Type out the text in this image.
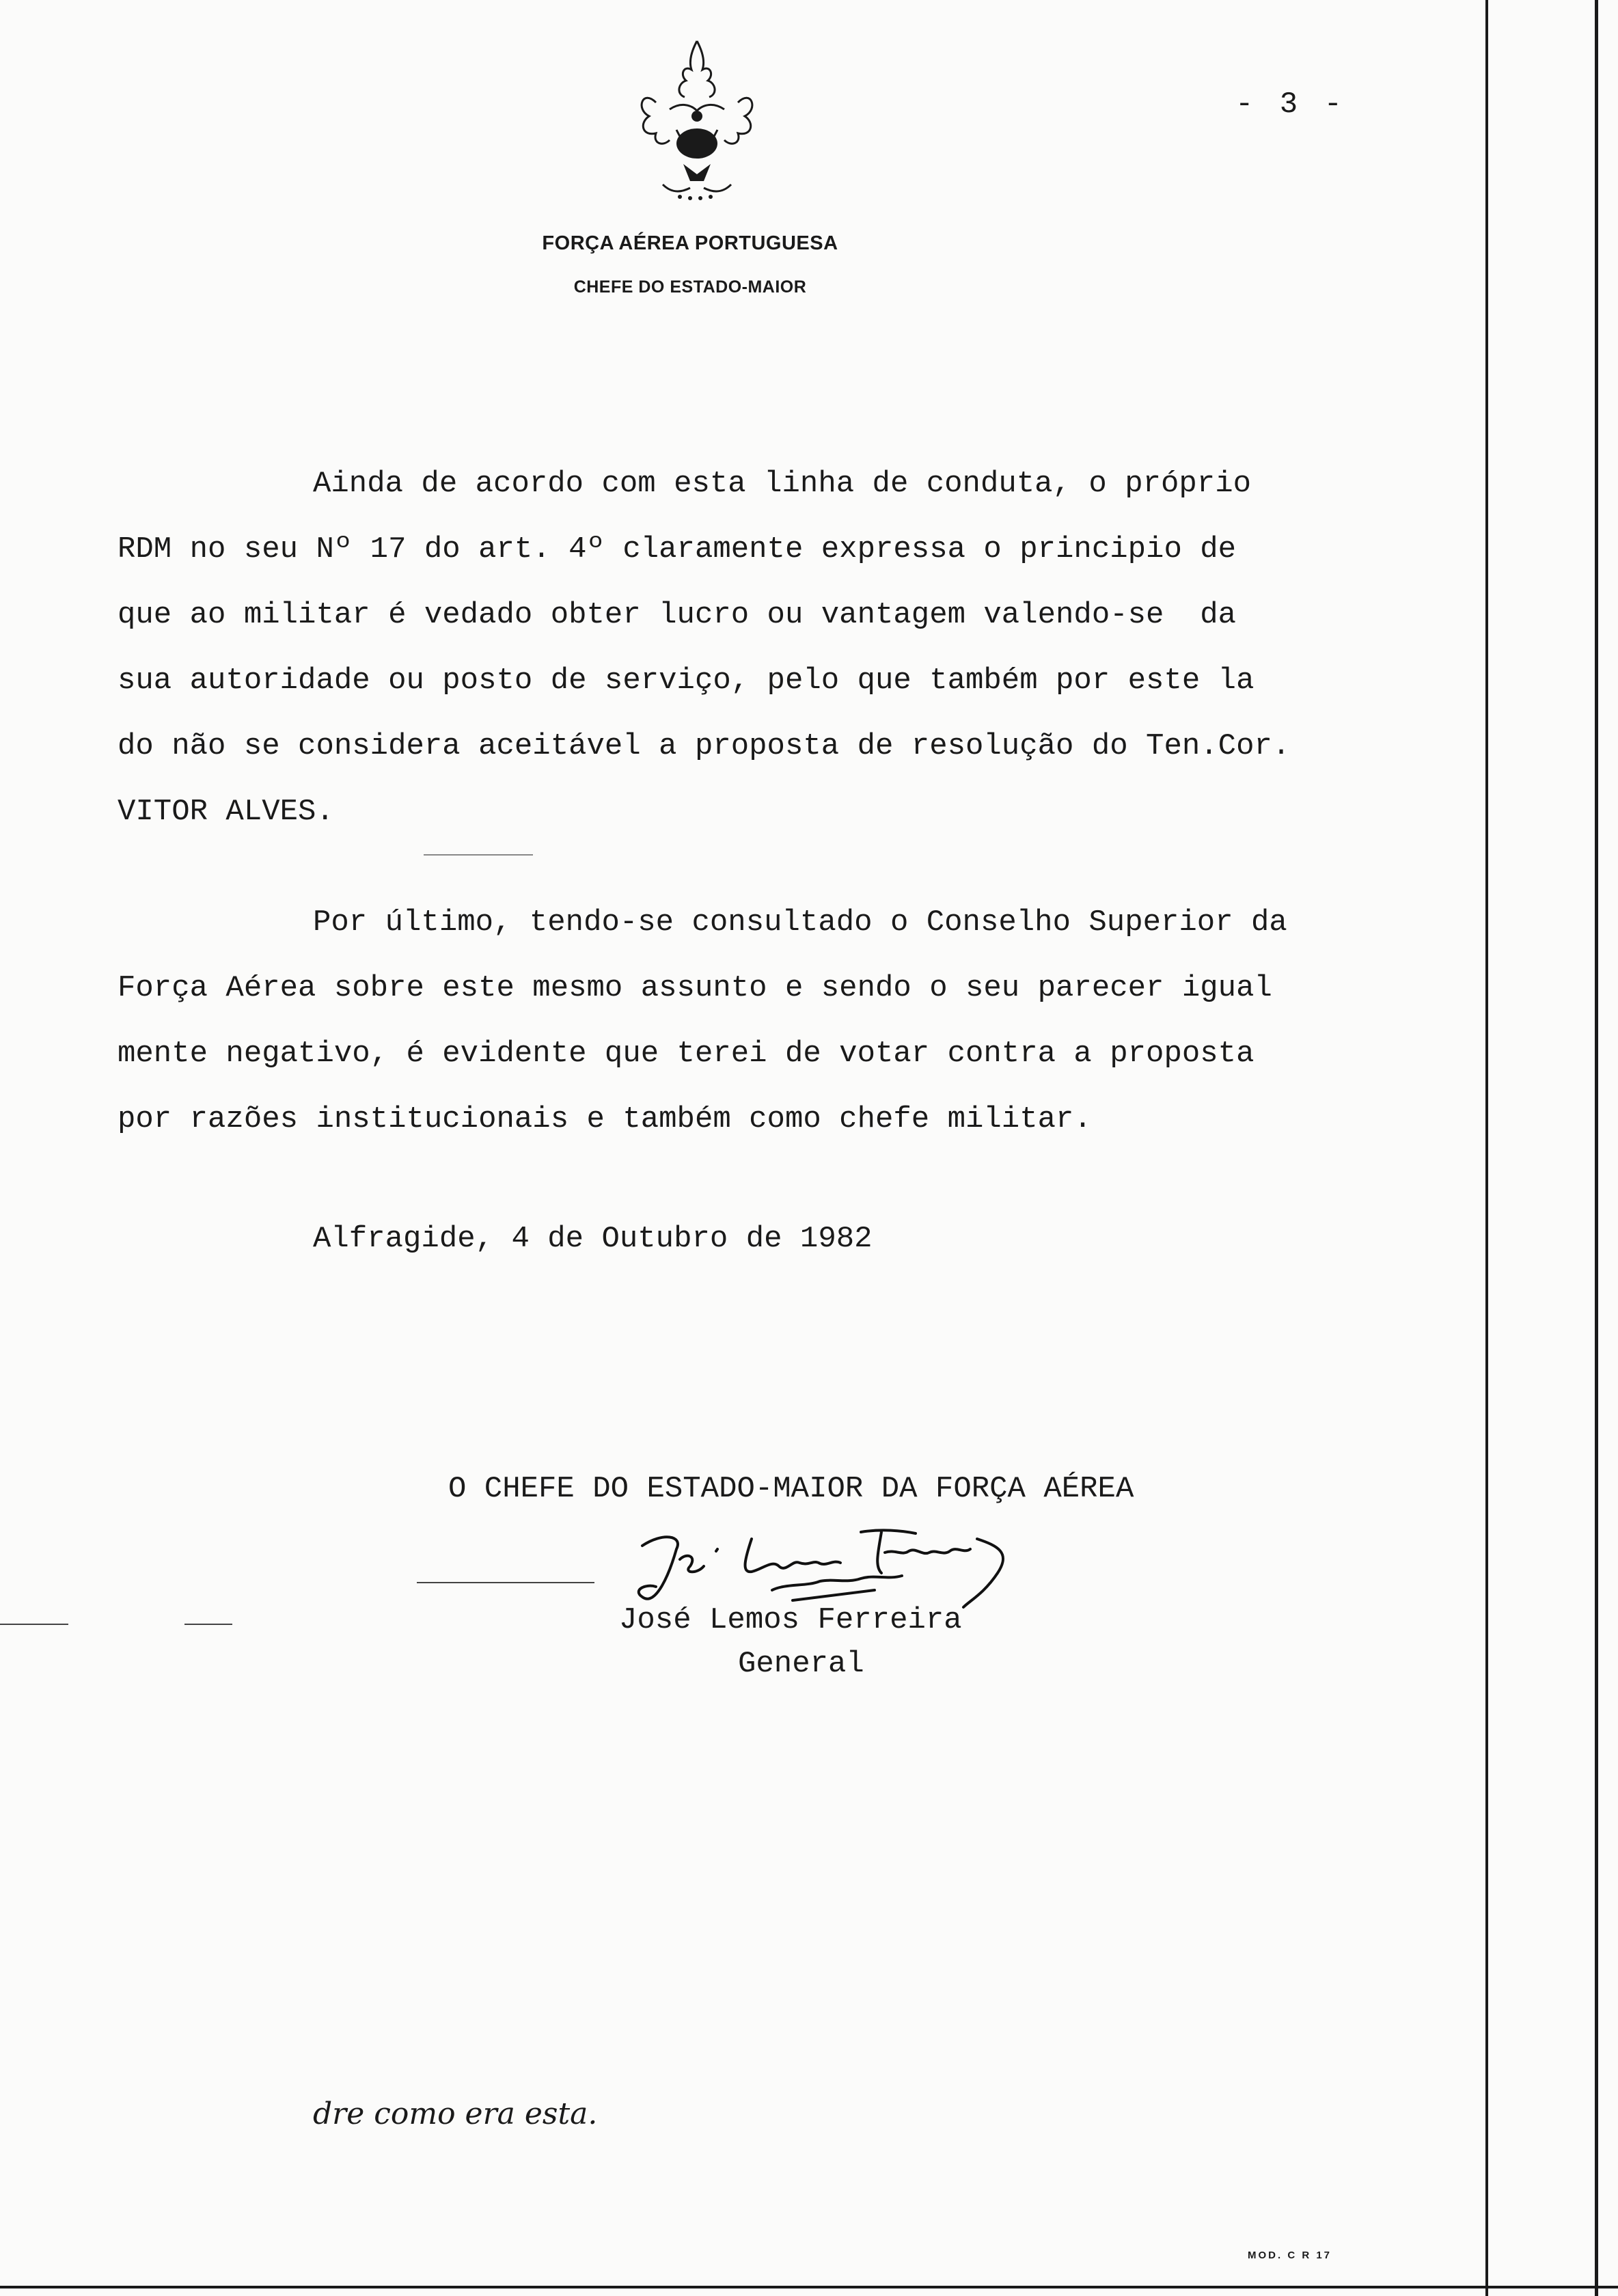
FORÇA AÉREA PORTUGUESA
CHEFE DO ESTADO-MAIOR
- 3 -

Ainda de acordo com esta linha de conduta, o próprio

RDM no seu Nº 17 do art. 4º claramente expressa o principio de

que ao militar é vedado obter lucro ou vantagem valendo-se  da

sua autoridade ou posto de serviço, pelo que também por este la

do não se considera aceitável a proposta de resolução do Ten.Cor.

VITOR ALVES.

Por último, tendo-se consultado o Conselho Superior da

Força Aérea sobre este mesmo assunto e sendo o seu parecer igual

mente negativo, é evidente que terei de votar contra a proposta

por razões institucionais e também como chefe militar.

Alfragide, 4 de Outubro de 1982
O CHEFE DO ESTADO-MAIOR DA FORÇA AÉREA
José Lemos Ferreira
General
dre como era esta.
MOD. C R 17
